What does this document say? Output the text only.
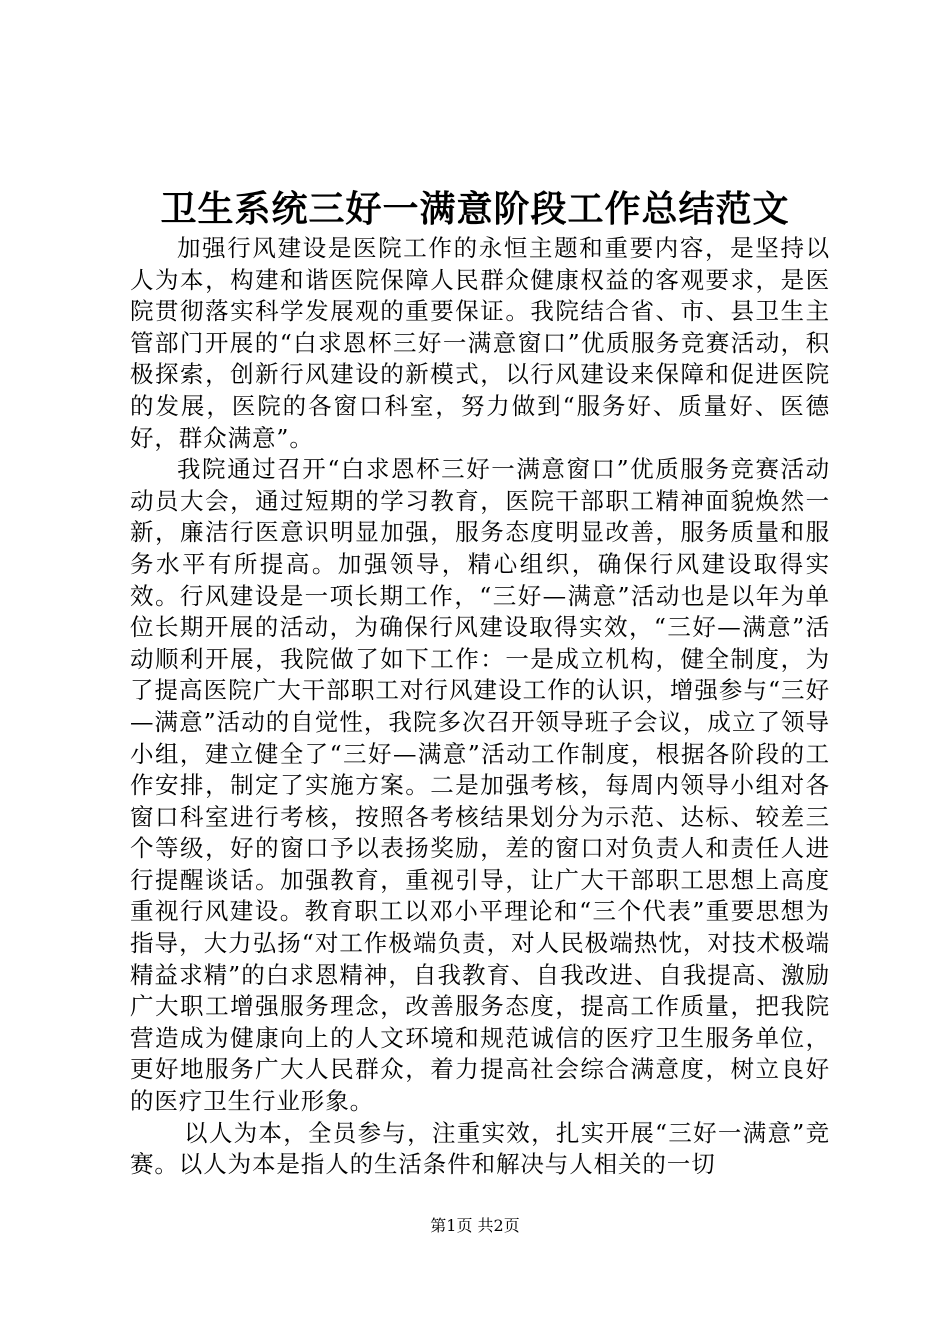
卫生系统三好一满意阶段工作总结范文

加强行风建设是医院工作的永恒主题和重要内容，是坚持以人为本，构建和谐医院保障人民群众健康权益的客观要求，是医院贯彻落实科学发展观的重要保证。我院结合省、市、县卫生主管部门开展的“白求恩杯三好一满意窗口”优质服务竞赛活动，积极探索，创新行风建设的新模式，以行风建设来保障和促进医院的发展，医院的各窗口科室，努力做到“服务好、质量好、医德好，群众满意”。

我院通过召开“白求恩杯三好一满意窗口”优质服务竞赛活动动员大会，通过短期的学习教育，医院干部职工精神面貌焕然一新，廉洁行医意识明显加强，服务态度明显改善，服务质量和服务水平有所提高。加强领导，精心组织，确保行风建设取得实效。行风建设是一项长期工作，“三好—满意”活动也是以年为单位长期开展的活动，为确保行风建设取得实效，“三好—满意”活动顺利开展，我院做了如下工作：一是成立机构，健全制度，为了提高医院广大干部职工对行风建设工作的认识，增强参与“三好—满意”活动的自觉性，我院多次召开领导班子会议，成立了领导小组，建立健全了“三好—满意”活动工作制度，根据各阶段的工作安排，制定了实施方案。二是加强考核，每周内领导小组对各窗口科室进行考核，按照各考核结果划分为示范、达标、较差三个等级，好的窗口予以表扬奖励，差的窗口对负责人和责任人进行提醒谈话。加强教育，重视引导，让广大干部职工思想上高度重视行风建设。教育职工以邓小平理论和“三个代表”重要思想为指导，大力弘扬“对工作极端负责，对人民极端热忱，对技术极端精益求精”的白求恩精神，自我教育、自我改进、自我提高、激励广大职工增强服务理念，改善服务态度，提高工作质量，把我院营造成为健康向上的人文环境和规范诚信的医疗卫生服务单位，更好地服务广大人民群众，着力提高社会综合满意度，树立良好的医疗卫生行业形象。

以人为本，全员参与，注重实效，扎实开展“三好一满意”竞赛。以人为本是指人的生活条件和解决与人相关的一切

第1页 共2页
